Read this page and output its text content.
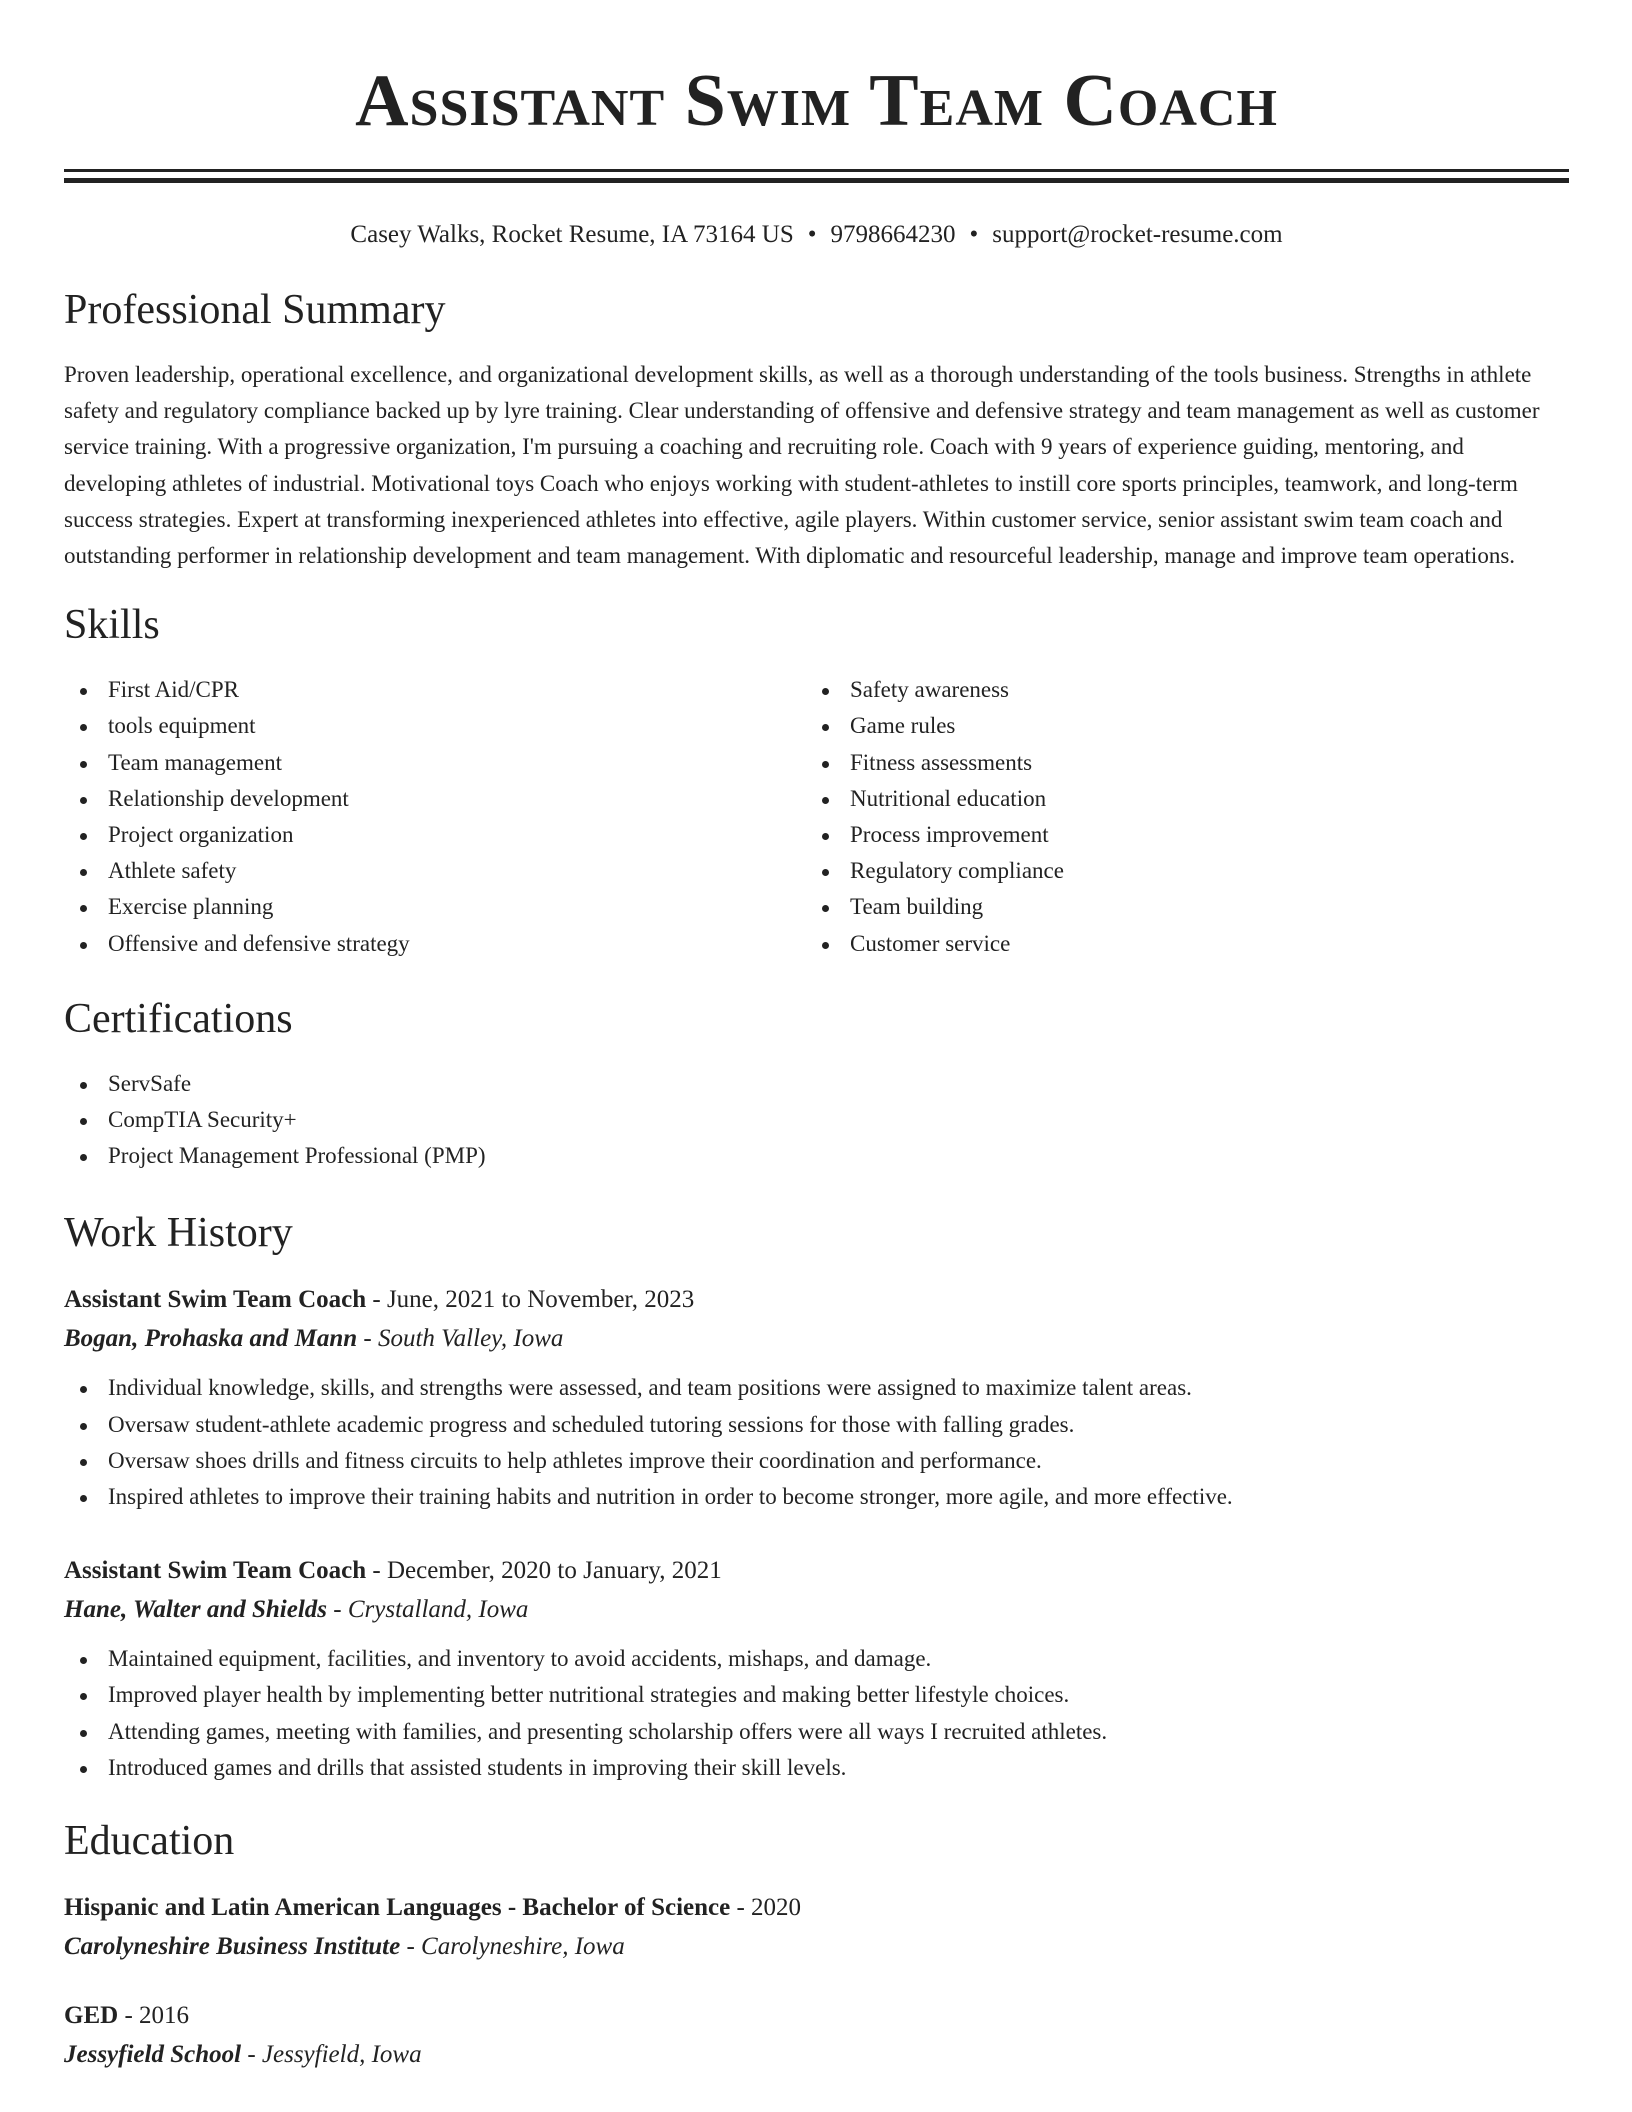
Assistant Swim Team Coach
Casey Walks, Rocket Resume, IA 73164 US • 9798664230 • support@rocket-resume.com
Professional Summary

Proven leadership, operational excellence, and organizational development skills, as well as a thorough understanding of the tools business. Strengths in athlete safety and regulatory compliance backed up by lyre training. Clear understanding of offensive and defensive strategy and team management as well as customer service training. With a progressive organization, I'm pursuing a coaching and recruiting role. Coach with 9 years of experience guiding, mentoring, and developing athletes of industrial. Motivational toys Coach who enjoys working with student-athletes to instill core sports principles, teamwork, and long-term success strategies. Expert at transforming inexperienced athletes into effective, agile players. Within customer service, senior assistant swim team coach and outstanding performer in relationship development and team management. With diplomatic and resourceful leadership, manage and improve team operations.

Skills
First Aid/CPR
tools equipment
Team management
Relationship development
Project organization
Athlete safety
Exercise planning
Offensive and defensive strategy
Safety awareness
Game rules
Fitness assessments
Nutritional education
Process improvement
Regulatory compliance
Team building
Customer service
Certifications
ServSafe
CompTIA Security+
Project Management Professional (PMP)
Work History
Assistant Swim Team Coach - June, 2021 to November, 2023
Bogan, Prohaska and Mann - South Valley, Iowa
Individual knowledge, skills, and strengths were assessed, and team positions were assigned to maximize talent areas.
Oversaw student-athlete academic progress and scheduled tutoring sessions for those with falling grades.
Oversaw shoes drills and fitness circuits to help athletes improve their coordination and performance.
Inspired athletes to improve their training habits and nutrition in order to become stronger, more agile, and more effective.
Assistant Swim Team Coach - December, 2020 to January, 2021
Hane, Walter and Shields - Crystalland, Iowa
Maintained equipment, facilities, and inventory to avoid accidents, mishaps, and damage.
Improved player health by implementing better nutritional strategies and making better lifestyle choices.
Attending games, meeting with families, and presenting scholarship offers were all ways I recruited athletes.
Introduced games and drills that assisted students in improving their skill levels.
Education
Hispanic and Latin American Languages - Bachelor of Science - 2020
Carolyneshire Business Institute - Carolyneshire, Iowa
GED - 2016
Jessyfield School - Jessyfield, Iowa
